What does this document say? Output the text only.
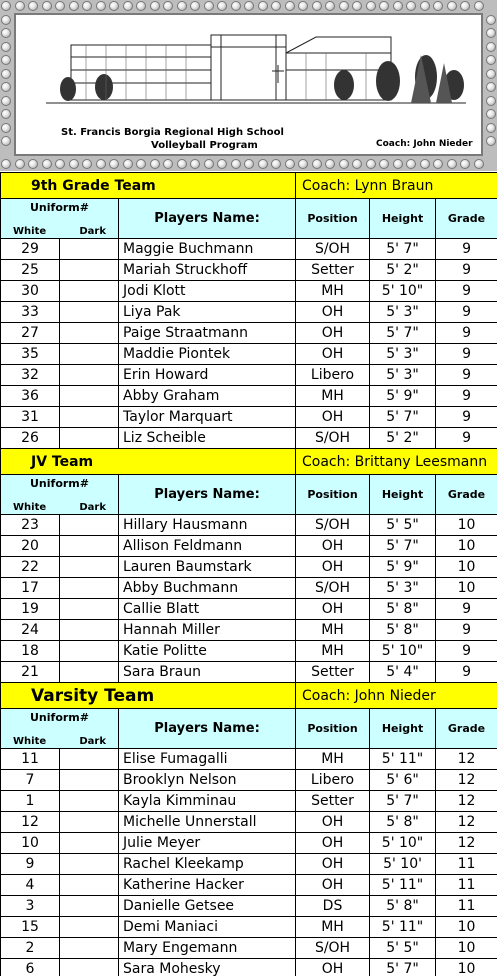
St. Francis Borgia Regional High School
Volleyball Program	Coach: John Nieder
9th Grade Team			Coach: Lynn Braun		

Uniform#
White Dark		Players Name:	Position	Height	Grade
29		Maggie Buchmann	S/OH	5' 7"	9
25		Mariah Struckhoff	Setter	5' 2"	9
30		Jodi Klott	MH	5' 10"	9
33		Liya Pak	OH	5' 3"	9
27		Paige Straatmann	OH	5' 7"	9
35		Maddie Piontek	OH	5' 3"	9
32		Erin Howard	Libero	5' 3"	9
36		Abby Graham	MH	5' 9"	9
31		Taylor Marquart	OH	5' 7"	9
26		Liz Scheible	S/OH	5' 2"	9
JV Team			Coach: Brittany Leesmann		

Uniform#
White Dark		Players Name:	Position	Height	Grade
23		Hillary Hausmann	S/OH	5' 5"	10
20		Allison Feldmann	OH	5' 7"	10
22		Lauren Baumstark	OH	5' 9"	10
17		Abby Buchmann	S/OH	5' 3"	10
19		Callie Blatt	OH	5' 8"	9
24		Hannah Miller	MH	5' 8"	9
18		Katie Politte	MH	5' 10"	9
21		Sara Braun	Setter	5' 4"	9
Varsity Team			Coach: John Nieder		

Uniform#
White Dark		Players Name:	Position	Height	Grade
11		Elise Fumagalli	MH	5' 11"	12
7		Brooklyn Nelson	Libero	5' 6"	12
1		Kayla Kimminau	Setter	5' 7"	12
12		Michelle Unnerstall	OH	5' 8"	12
10		Julie Meyer	OH	5' 10"	12
9		Rachel Kleekamp	OH	5' 10'	11
4		Katherine Hacker	OH	5' 11"	11
3		Danielle Getsee	DS	5' 8"	11
15		Demi Maniaci	MH	5' 11"	10
2		Mary Engemann	S/OH	5' 5"	10
6		Sara Mohesky	OH	5' 7"	10
